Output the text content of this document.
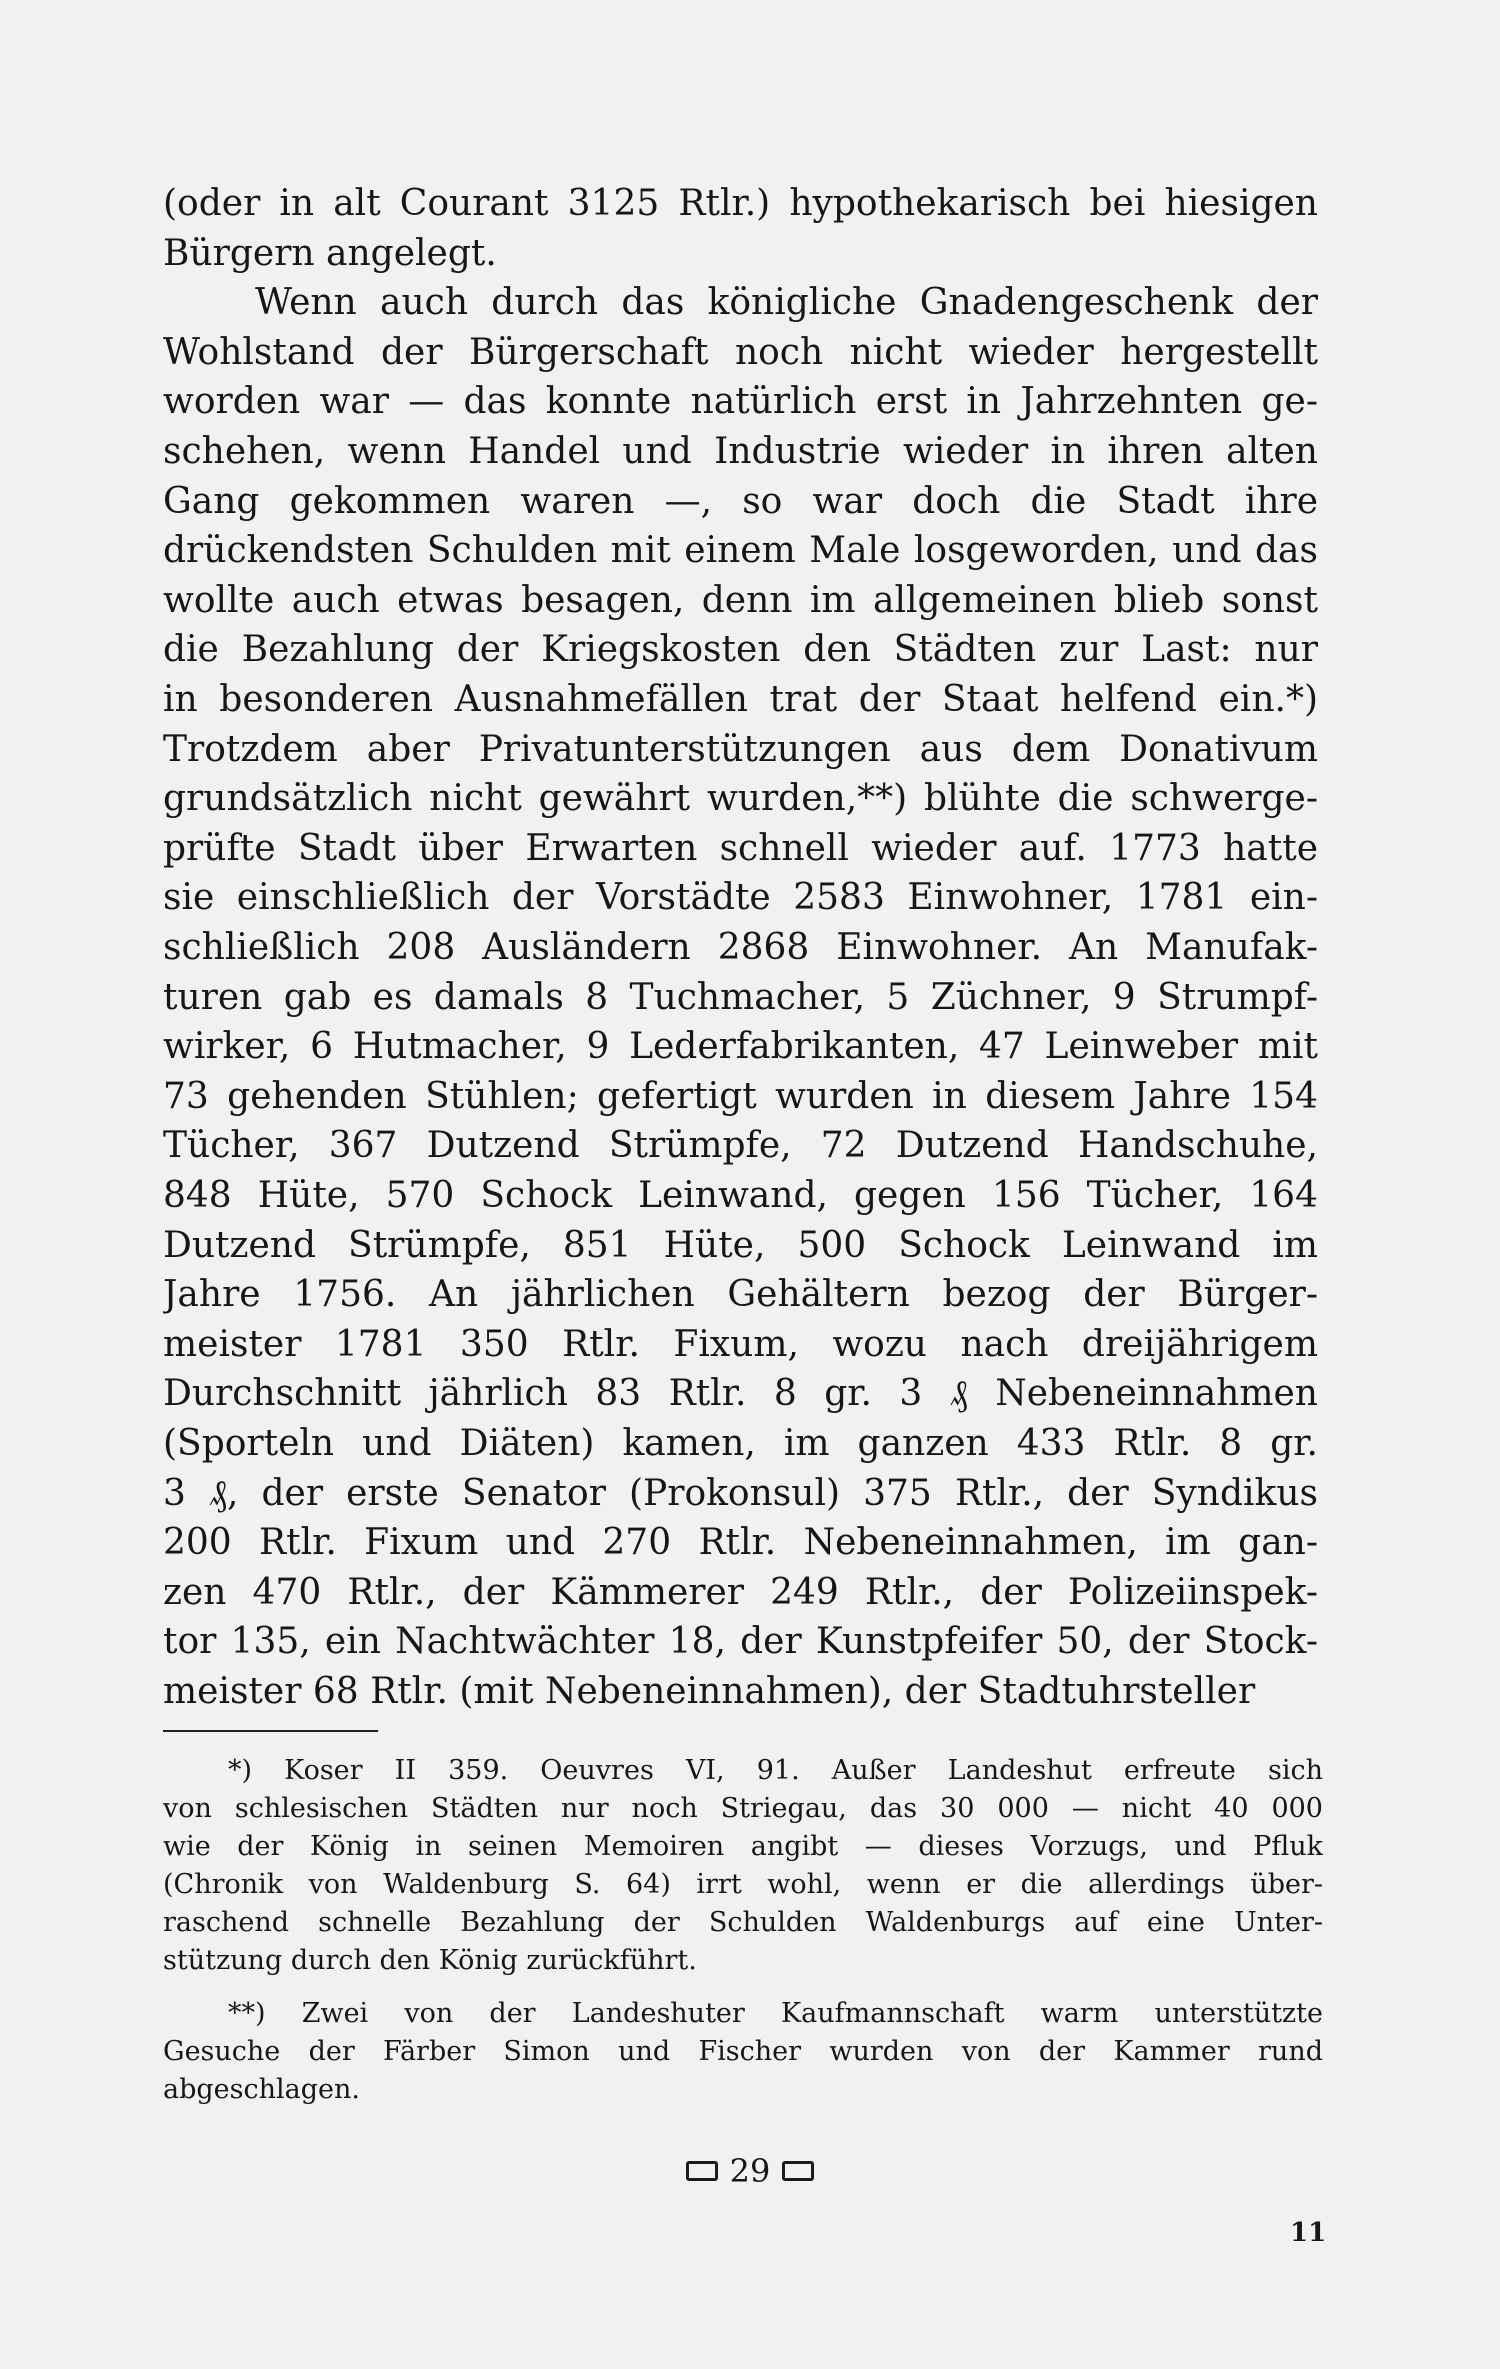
(oder in alt Courant 3125 Rtlr.) hypothekarisch bei hiesigen
Bürgern angelegt.
Wenn auch durch das königliche Gnadengeschenk der
Wohlstand der Bürgerschaft noch nicht wieder hergestellt
worden war — das konnte natürlich erst in Jahrzehnten ge-
schehen, wenn Handel und Industrie wieder in ihren alten
Gang gekommen waren —, so war doch die Stadt ihre
drückendsten Schulden mit einem Male losgeworden, und das
wollte auch etwas besagen, denn im allgemeinen blieb sonst
die Bezahlung der Kriegskosten den Städten zur Last: nur
in besonderen Ausnahmefällen trat der Staat helfend ein.*)
Trotzdem aber Privatunterstützungen aus dem Donativum
grundsätzlich nicht gewährt wurden,**) blühte die schwerge-
prüfte Stadt über Erwarten schnell wieder auf. 1773 hatte
sie einschließlich der Vorstädte 2583 Einwohner, 1781 ein-
schließlich 208 Ausländern 2868 Einwohner. An Manufak-
turen gab es damals 8 Tuchmacher, 5 Züchner, 9 Strumpf-
wirker, 6 Hutmacher, 9 Lederfabrikanten, 47 Leinweber mit
73 gehenden Stühlen; gefertigt wurden in diesem Jahre 154
Tücher, 367 Dutzend Strümpfe, 72 Dutzend Handschuhe,
848 Hüte, 570 Schock Leinwand, gegen 156 Tücher, 164
Dutzend Strümpfe, 851 Hüte, 500 Schock Leinwand im
Jahre 1756. An jährlichen Gehältern bezog der Bürger-
meister 1781 350 Rtlr. Fixum, wozu nach dreijährigem
Durchschnitt jährlich 83 Rtlr. 8 gr. 3 ₰ Nebeneinnahmen
(Sporteln und Diäten) kamen, im ganzen 433 Rtlr. 8 gr.
3 ₰, der erste Senator (Prokonsul) 375 Rtlr., der Syndikus
200 Rtlr. Fixum und 270 Rtlr. Nebeneinnahmen, im gan-
zen 470 Rtlr., der Kämmerer 249 Rtlr., der Polizeiinspek-
tor 135, ein Nachtwächter 18, der Kunstpfeifer 50, der Stock-
meister 68 Rtlr. (mit Nebeneinnahmen), der Stadtuhrsteller
*) Koser II 359. Oeuvres VI, 91. Außer Landeshut erfreute sich
von schlesischen Städten nur noch Striegau, das 30 000 — nicht 40 000
wie der König in seinen Memoiren angibt — dieses Vorzugs, und Pfluk
(Chronik von Waldenburg S. 64) irrt wohl, wenn er die allerdings über-
raschend schnelle Bezahlung der Schulden Waldenburgs auf eine Unter-
stützung durch den König zurückführt.
**) Zwei von der Landeshuter Kaufmannschaft warm unterstützte
Gesuche der Färber Simon und Fischer wurden von der Kammer rund
abgeschlagen.
29
11
